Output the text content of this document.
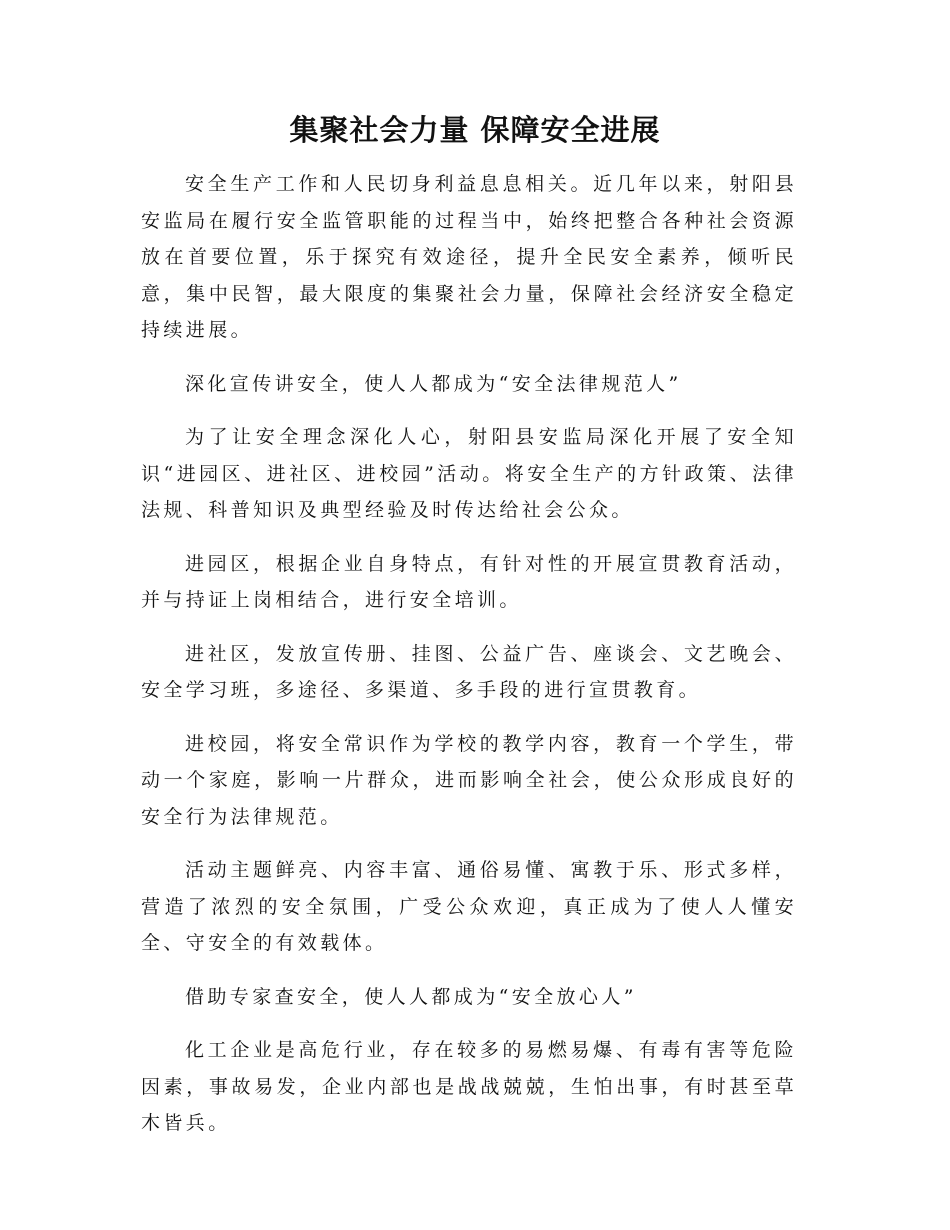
集聚社会力量 保障安全进展

安全生产工作和人民切身利益息息相关。近几年以来，射阳县安监局在履行安全监管职能的过程当中，始终把整合各种社会资源放在首要位置，乐于探究有效途径，提升全民安全素养，倾听民意，集中民智，最大限度的集聚社会力量，保障社会经济安全稳定持续进展。

深化宣传讲安全，使人人都成为“安全法律规范人”

为了让安全理念深化人心，射阳县安监局深化开展了安全知识“进园区、进社区、进校园”活动。将安全生产的方针政策、法律法规、科普知识及典型经验及时传达给社会公众。

进园区，根据企业自身特点，有针对性的开展宣贯教育活动，并与持证上岗相结合，进行安全培训。

进社区，发放宣传册、挂图、公益广告、座谈会、文艺晚会、安全学习班，多途径、多渠道、多手段的进行宣贯教育。

进校园，将安全常识作为学校的教学内容，教育一个学生，带动一个家庭，影响一片群众，进而影响全社会，使公众形成良好的安全行为法律规范。

活动主题鲜亮、内容丰富、通俗易懂、寓教于乐、形式多样，营造了浓烈的安全氛围，广受公众欢迎，真正成为了使人人懂安全、守安全的有效载体。

借助专家查安全，使人人都成为“安全放心人”

化工企业是高危行业，存在较多的易燃易爆、有毒有害等危险因素，事故易发，企业内部也是战战兢兢，生怕出事，有时甚至草木皆兵。
